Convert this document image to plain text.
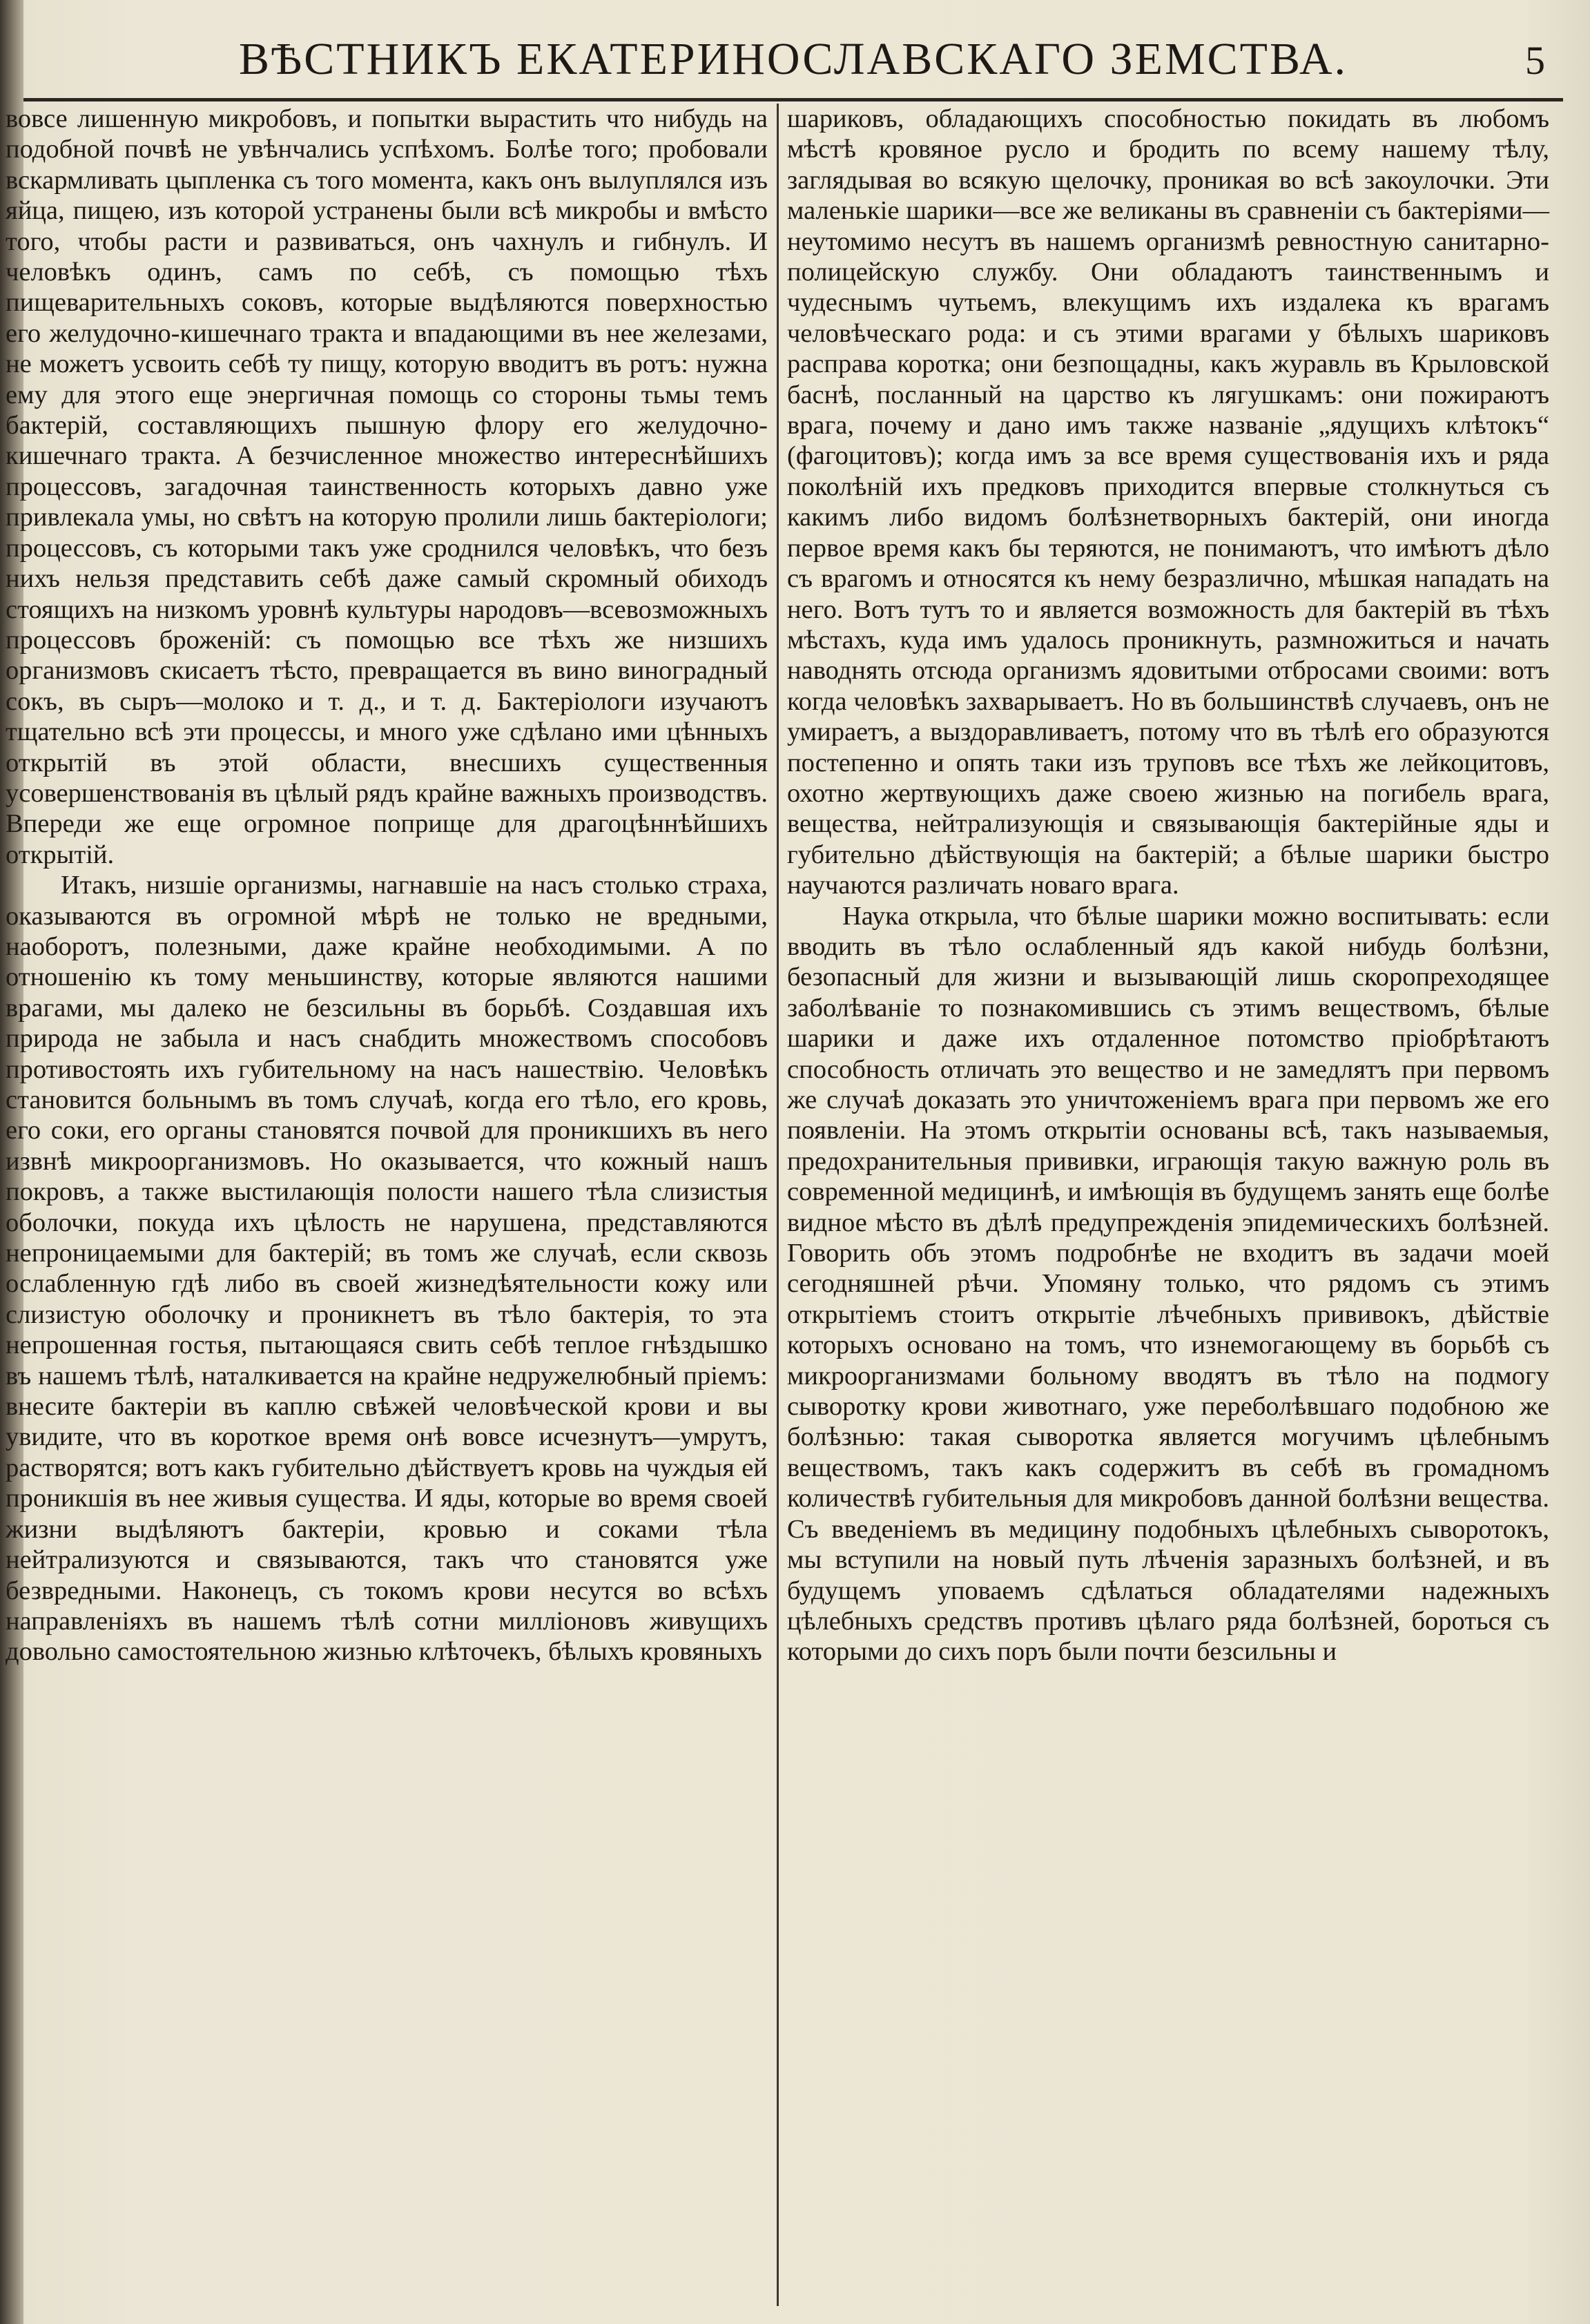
ВѢСТНИКЪ ЕКАТЕРИНОСЛАВСКАГО ЗЕМСТВА.	5

вовсе лишенную микробовъ, и попытки вырастить что нибудь на подобной почвѣ не увѣнчались успѣхомъ. Болѣе того; пробовали вскармливать цыпленка съ того момента, какъ онъ вылуплялся изъ яйца, пищею, изъ которой устранены были всѣ микробы и вмѣсто того, чтобы расти и развиваться, онъ чахнулъ и гибнулъ. И человѣкъ одинъ, самъ по себѣ, съ помощью тѣхъ пищеварительныхъ соковъ, которые выдѣляются поверхностью его желудочно-кишечнаго тракта и впадающими въ нее железами, не можетъ усвоить себѣ ту пищу, которую вводитъ въ ротъ: нужна ему для этого еще энергичная помощь со стороны тьмы темъ бактерій, составляющихъ пышную флору его желудочно-кишечнаго тракта. А безчисленное множество интереснѣйшихъ процессовъ, загадочная таинственность которыхъ давно уже привлекала умы, но свѣтъ на которую пролили лишь бактеріологи; процессовъ, съ которыми такъ уже сроднился человѣкъ, что безъ нихъ нельзя представить себѣ даже самый скромный обиходъ стоящихъ на низкомъ уровнѣ культуры народовъ—всевозможныхъ процессовъ броженій: съ помощью все тѣхъ же низшихъ организмовъ скисаетъ тѣсто, превращается въ вино виноградный сокъ, въ сыръ—молоко и т. д., и т. д. Бактеріологи изучаютъ тщательно всѣ эти процессы, и много уже сдѣлано ими цѣнныхъ открытій въ этой области, внесшихъ существенныя усовершенствованія въ цѣлый рядъ крайне важныхъ производствъ. Впереди же еще огромное поприще для драгоцѣннѣйшихъ открытій.

Итакъ, низшіе организмы, нагнавшіе на насъ столько страха, оказываются въ огромной мѣрѣ не только не вредными, наоборотъ, полезными, даже крайне необходимыми. А по отношенію къ тому меньшинству, которые являются нашими врагами, мы далеко не безсильны въ борьбѣ. Создавшая ихъ природа не забыла и насъ снабдить множествомъ способовъ противостоять ихъ губительному на насъ нашествію. Человѣкъ становится больнымъ въ томъ случаѣ, когда его тѣло, его кровь, его соки, его органы становятся почвой для проникшихъ въ него извнѣ микроорганизмовъ. Но оказывается, что кожный нашъ покровъ, а также выстилающія полости нашего тѣла слизистыя оболочки, покуда ихъ цѣлость не нарушена, представляются непроницаемыми для бактерій; въ томъ же случаѣ, если сквозь ослабленную гдѣ либо въ своей жизнедѣятельности кожу или слизистую оболочку и проникнетъ въ тѣло бактерія, то эта непрошенная гостья, пытающаяся свить себѣ теплое гнѣздышко въ нашемъ тѣлѣ, наталкивается на крайне недружелюбный пріемъ: внесите бактеріи въ каплю свѣжей человѣческой крови и вы увидите, что въ короткое время онѣ вовсе исчезнутъ—умрутъ, растворятся; вотъ какъ губительно дѣйствуетъ кровь на чуждыя ей проникшія въ нее живыя существа. И яды, которые во время своей жизни выдѣляютъ бактеріи, кровью и соками тѣла нейтрализуются и связываются, такъ что становятся уже безвредными. Наконецъ, съ токомъ крови несутся во всѣхъ направленіяхъ въ нашемъ тѣлѣ сотни милліоновъ живущихъ довольно самостоятельною жизнью клѣточекъ, бѣлыхъ кровяныхъ

шариковъ, обладающихъ способностью покидать въ любомъ мѣстѣ кровяное русло и бродить по всему нашему тѣлу, заглядывая во всякую щелочку, проникая во всѣ закоулочки. Эти маленькіе шарики—все же великаны въ сравненіи съ бактеріями—неутомимо несутъ въ нашемъ организмѣ ревностную санитарно-полицейскую службу. Они обладаютъ таинственнымъ и чудеснымъ чутьемъ, влекущимъ ихъ издалека къ врагамъ человѣческаго рода: и съ этими врагами у бѣлыхъ шариковъ расправа коротка; они безпощадны, какъ журавль въ Крыловской баснѣ, посланный на царство къ лягушкамъ: они пожираютъ врага, почему и дано имъ также названіе „ядущихъ клѣтокъ“ (фагоцитовъ); когда имъ за все время существованія ихъ и ряда поколѣній ихъ предковъ приходится впервые столкнуться съ какимъ либо видомъ болѣзнетворныхъ бактерій, они иногда первое время какъ бы теряются, не понимаютъ, что имѣютъ дѣло съ врагомъ и относятся къ нему безразлично, мѣшкая нападать на него. Вотъ тутъ то и является возможность для бактерій въ тѣхъ мѣстахъ, куда имъ удалось проникнуть, размножиться и начать наводнять отсюда организмъ ядовитыми отбросами своими: вотъ когда человѣкъ захварываетъ. Но въ большинствѣ случаевъ, онъ не умираетъ, а выздоравливаетъ, потому что въ тѣлѣ его образуются постепенно и опять таки изъ труповъ все тѣхъ же лейкоцитовъ, охотно жертвующихъ даже своею жизнью на погибель врага, вещества, нейтрализующія и связывающія бактерійные яды и губительно дѣйствующія на бактерій; а бѣлые шарики быстро научаются различать новаго врага.

Наука открыла, что бѣлые шарики можно воспитывать: если вводить въ тѣло ослабленный ядъ какой нибудь болѣзни, безопасный для жизни и вызывающій лишь скоропреходящее заболѣваніе то познакомившись съ этимъ веществомъ, бѣлые шарики и даже ихъ отдаленное потомство пріобрѣтаютъ способность отличать это вещество и не замедлятъ при первомъ же случаѣ доказать это уничтоженіемъ врага при первомъ же его появленіи. На этомъ открытіи основаны всѣ, такъ называемыя, предохранительныя прививки, играющія такую важную роль въ современной медицинѣ, и имѣющія въ будущемъ занять еще болѣе видное мѣсто въ дѣлѣ предупрежденія эпидемическихъ болѣзней. Говорить объ этомъ подробнѣе не входитъ въ задачи моей сегодняшней рѣчи. Упомяну только, что рядомъ съ этимъ открытіемъ стоитъ открытіе лѣчебныхъ прививокъ, дѣйствіе которыхъ основано на томъ, что изнемогающему въ борьбѣ съ микроорганизмами больному вводятъ въ тѣло на подмогу сыворотку крови животнаго, уже переболѣвшаго подобною же болѣзнью: такая сыворотка является могучимъ цѣлебнымъ веществомъ, такъ какъ содержитъ въ себѣ въ громадномъ количествѣ губительныя для микробовъ данной болѣзни вещества. Съ введеніемъ въ медицину подобныхъ цѣлебныхъ сыворотокъ, мы вступили на новый путь лѣченія заразныхъ болѣзней, и въ будущемъ уповаемъ сдѣлаться обладателями надежныхъ цѣлебныхъ средствъ противъ цѣлаго ряда болѣзней, бороться съ которыми до сихъ поръ были почти безсильны и
